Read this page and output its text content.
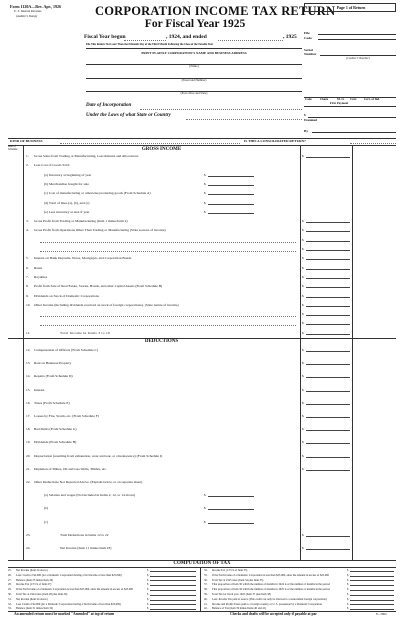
Form 1120A—Rev. Apr., 1926
U. S. Internal Revenue
(Auditor's Stamp)	CORPORATION INCOME TAX RETURN
For Fiscal Year 1925
Fiscal Year begun	, 1924, and ended	, 1925
File This Return Not Later Than the Fifteenth Day of the Third Month Following the Close of the Taxable Year
PRINT PLAINLY CORPORATION'S NAME AND BUSINESS ADDRESS
(Name)
(Street and Number)
(Post office and State)
Date of Incorporation
Under the Laws of what State or Country
Page 1 of Return
File
Code
Serial
Number
(Cashier's Number)
Code	Check	M. O. Curr. Cert. of Ind.
First Payment
$
Examined
By
KIND OF BUSINESS	IS THIS A CONSOLIDATED RETURN?
Item of
Schedule	GROSS INCOME
1. Gross Sales from Trading or Manufacturing, Less Returns and Allowances	$
2. Less Cost of Goods Sold:
(a) Inventory at beginning of year	$
(b) Merchandise bought for sale	$
(c) Cost of manufacturing or otherwise producing goods (From Schedule A)	$
(d) Total of lines (a), (b), and (c)	$
(e) Less inventory at end of year	$
3. Gross Profit from Trading or Manufacturing (Item 1 minus Item 2)	$
4. Gross Profit from Operations Other Than Trading or Manufacturing (State sources of income)	$
$
$
5. Interest on Bank Deposits, Notes, Mortgages, and Corporation Bonds	$
6. Rents	$
7. Royalties	$
8. Profit from Sale of Real Estate, Stocks, Bonds, and other Capital Assets (From Schedule B)	$
9. Dividends on Stock of Domestic Corporations	$
10. Other Income (Including dividends received on stock of foreign corporations). (State nature of income)	$
$
$
11.	Total Income in Items 3 to 10	$
DEDUCTIONS
12. Compensation of Officers (From Schedule C)	$
13. Rent on Business Property	$
14. Repairs (From Schedule D)	$
15. Interest	$
16. Taxes (From Schedule E)	$
17. Losses by Fire, Storm, etc. (From Schedule F)	$
18. Bad Debts (From Schedule G)	$
19. Dividends (From Schedule H)	$
20. Depreciation (resulting from exhaustion, wear and tear, or obsolescence) (From Schedule I)	$
21. Depletion of Mines, Oil and Gas Wells, Timber, etc.	$
22. Other Deductions Not Reported Above. (Explain below, or on separate sheet)
(a) Salaries and wages (Not included in Items 2, 12, or 14 above)	$
(b)	$
(c)	$
23.	Total Deductions in Items 12 to 22	$
24.	Net Income (Item 11 minus Item 23)	$
COMPUTATION OF TAX
25. Net Income (Item 24 above)	$
26. Less: Credit of $2,000 (for a Domestic Corporation having a Net Income of less than $25,000)	$
27. Balance (Item 25 minus Item 26)	$
28. Income Tax (13½% of Item 27)	$
29. If the Net Income of a Domestic Corporation is less than $25,000, enter the amount in excess of $23,000	$
30. Total Tax at 1924 rates (Item 28 plus Item 29)	$
31. Net Income (Item 24 above)	$
32. Less Credit of $2,000 (for a Domestic Corporation having a Net Income of less than $25,000)	$
33. Balance (Item 31 minus Item 32)	$
34. Income Tax (13½% of Item 33)	$
35. If the Net Income of a Domestic Corporation is less than $25,000, enter the amount in excess of $23,000	$
36. Total Tax at 1925 rates (Item 34 plus Item 35)	$
37. That proportion of Item 30 which the number of months in 1924 is of the number of months in the period	$
38. That proportion of Item 36 which the number of months in 1925 is of the number of months in the period	$
39. Total Tax for fiscal year 1925 (Item 37 plus Item 38)	$
40. Less: Income Tax paid at source (This credit can only be allowed to a nonresident foreign corporation)	$
41. Income and Profits Taxes paid to a foreign country or U. S. possession by a Domestic Corporation	$
42. Balance of Tax (Item 39 minus Items 40 and 41)	$
An amended return must be marked "Amended" at top of return	Checks and drafts will be accepted only if payable at par	8—5864
